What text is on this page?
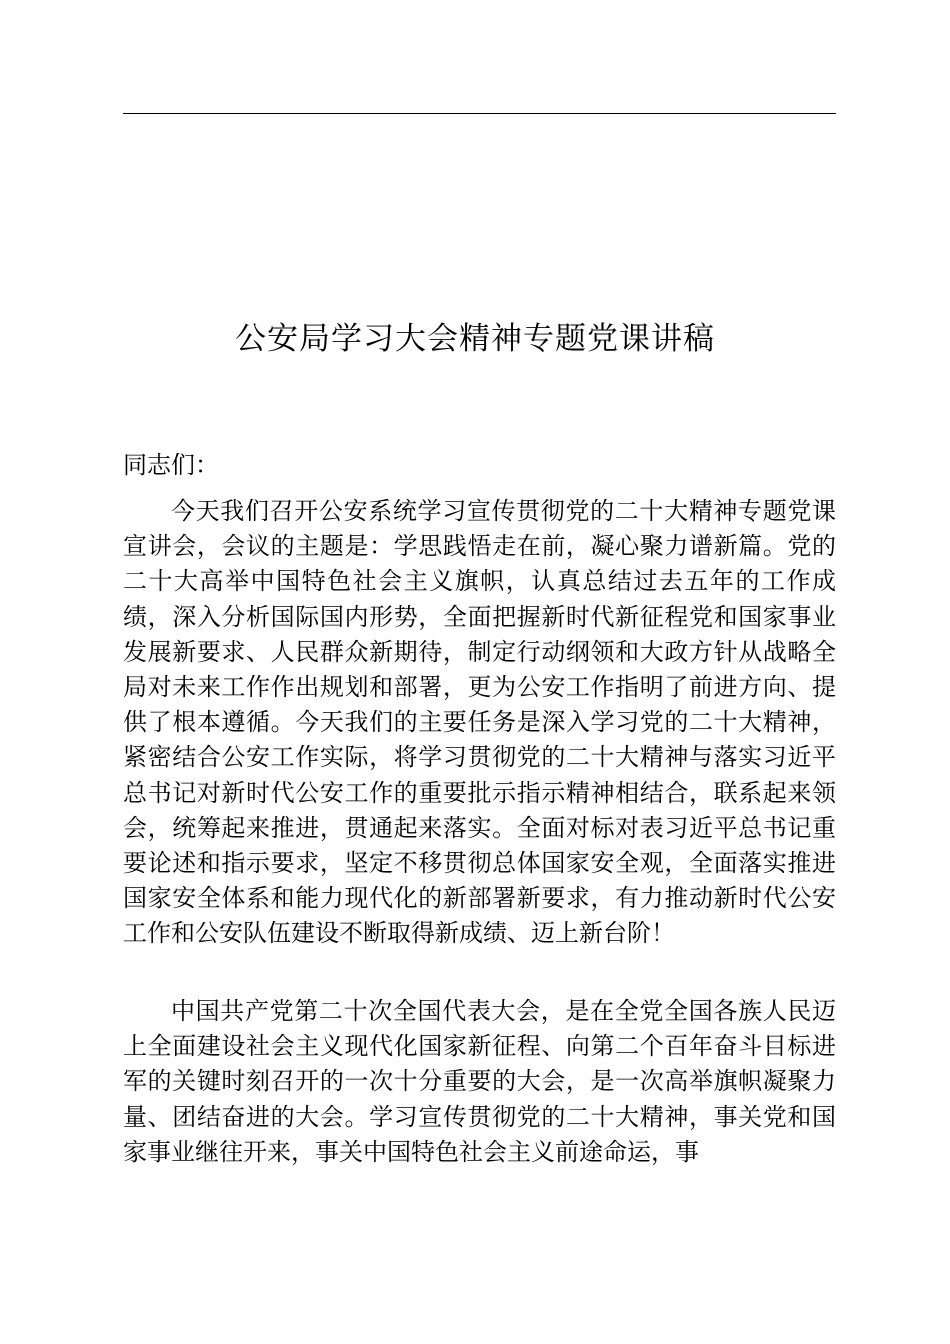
公安局学习大会精神专题党课讲稿

同志们：

今天我们召开公安系统学习宣传贯彻党的二十大精神专题党课宣讲会，会议的主题是：学思践悟走在前，凝心聚力谱新篇。党的二十大高举中国特色社会主义旗帜，认真总结过去五年的工作成绩，深入分析国际国内形势，全面把握新时代新征程党和国家事业发展新要求、人民群众新期待，制定行动纲领和大政方针从战略全局对未来工作作出规划和部署，更为公安工作指明了前进方向、提供了根本遵循。今天我们的主要任务是深入学习党的二十大精神，紧密结合公安工作实际，将学习贯彻党的二十大精神与落实习近平总书记对新时代公安工作的重要批示指示精神相结合，联系起来领会，统筹起来推进，贯通起来落实。全面对标对表习近平总书记重要论述和指示要求，坚定不移贯彻总体国家安全观，全面落实推进国家安全体系和能力现代化的新部署新要求，有力推动新时代公安工作和公安队伍建设不断取得新成绩、迈上新台阶！

中国共产党第二十次全国代表大会，是在全党全国各族人民迈上全面建设社会主义现代化国家新征程、向第二个百年奋斗目标进军的关键时刻召开的一次十分重要的大会，是一次高举旗帜凝聚力量、团结奋进的大会。学习宣传贯彻党的二十大精神，事关党和国家事业继往开来，事关中国特色社会主义前途命运，事
